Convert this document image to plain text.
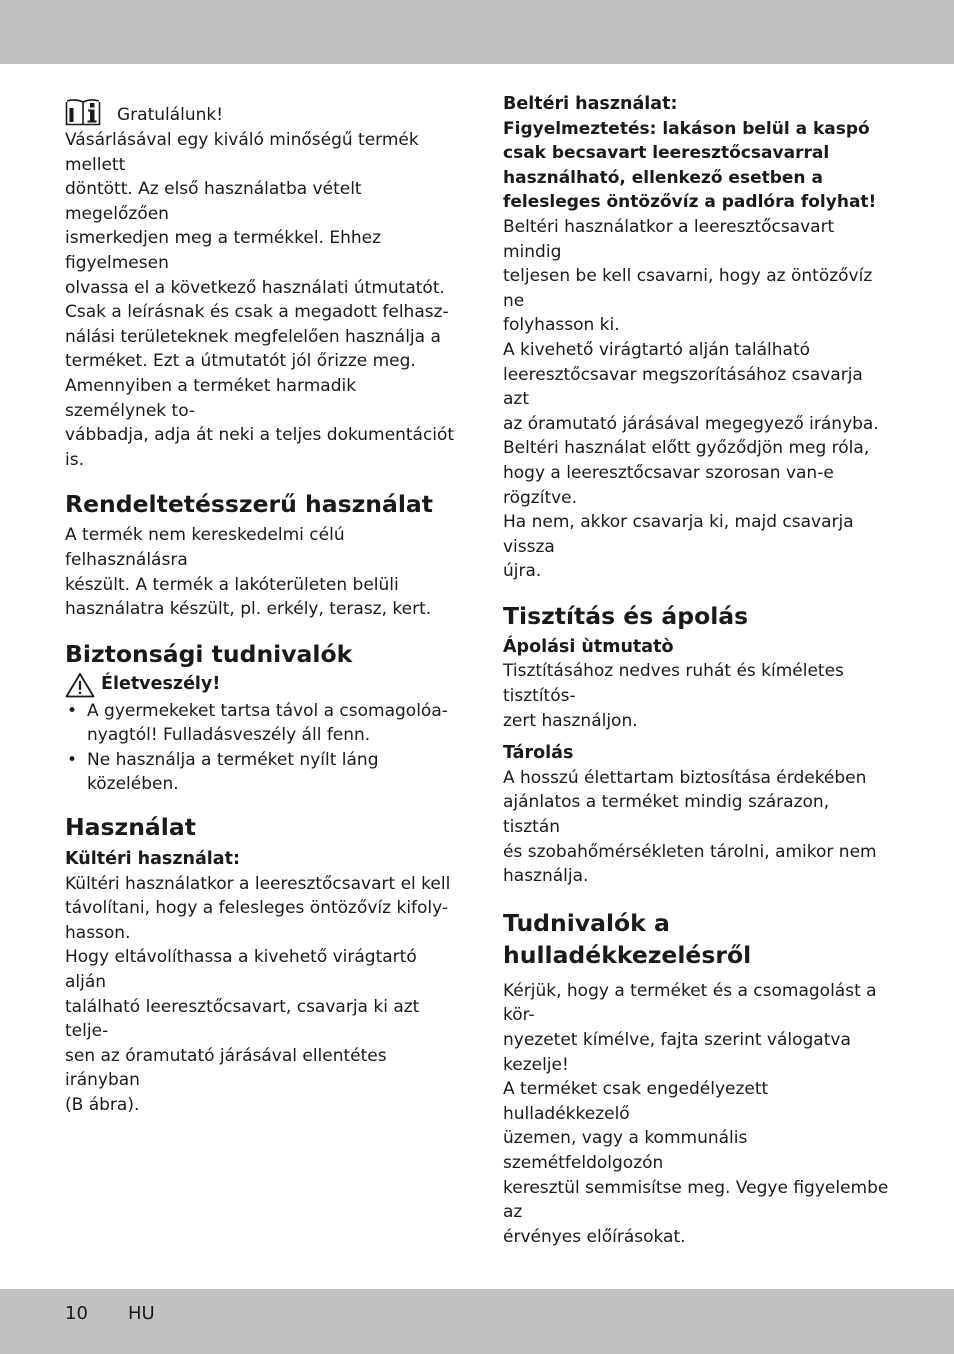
Gratulálunk!

Vásárlásával egy kiváló minőségű termék mellett

döntött. Az első használatba vételt megelőzően

ismerkedjen meg a termékkel. Ehhez figyelmesen

olvassa el a következő használati útmutatót.

Csak a leírásnak és csak a megadott felhasz-

nálási területeknek megfelelően használja a

terméket. Ezt a útmutatót jól őrizze meg.

Amennyiben a terméket harmadik személynek to-

vábbadja, adja át neki a teljes dokumentációt is.

Rendeltetésszerű használat

A termék nem kereskedelmi célú felhasználásra

készült. A termék a lakóterületen belüli

használatra készült, pl. erkély, terasz, kert.

Biztonsági tudnivalók
Életveszély!
• A gyermekeket tartsa távol a csomagolóa-
nyagtól! Fulladásveszély áll fenn.
• Ne használja a terméket nyílt láng közelében.
Használat
Kültéri használat:

Kültéri használatkor a leeresztőcsavart el kell

távolítani, hogy a felesleges öntözővíz kifoly-

hasson.

Hogy eltávolíthassa a kivehető virágtartó alján

található leeresztőcsavart, csavarja ki azt telje-

sen az óramutató járásával ellentétes irányban

(B ábra).

Beltéri használat:

Figyelmeztetés: lakáson belül a kaspó

csak becsavart leeresztőcsavarral

használható, ellenkező esetben a

felesleges öntözővíz a padlóra folyhat!

Beltéri használatkor a leeresztőcsavart mindig

teljesen be kell csavarni, hogy az öntözővíz ne

folyhasson ki.

A kivehető virágtartó alján található

leeresztőcsavar megszorításához csavarja azt

az óramutató járásával megegyező irányba.

Beltéri használat előtt győződjön meg róla,

hogy a leeresztőcsavar szorosan van-e rögzítve.

Ha nem, akkor csavarja ki, majd csavarja vissza

újra.

Tisztítás és ápolás
Ápolási ùtmutatò

Tisztításához nedves ruhát és kíméletes tisztítós-

zert használjon.

Tárolás

A hosszú élettartam biztosítása érdekében

ajánlatos a terméket mindig szárazon, tisztán

és szobahőmérsékleten tárolni, amikor nem

használja.

Tudnivalók a
hulladékkezelésről

Kérjük, hogy a terméket és a csomagolást a kör-

nyezetet kímélve, fajta szerint válogatva kezelje!

A terméket csak engedélyezett hulladékkezelő

üzemen, vagy a kommunális szemétfeldolgozón

keresztül semmisítse meg. Vegye figyelembe az

érvényes előírásokat.

10 HU
